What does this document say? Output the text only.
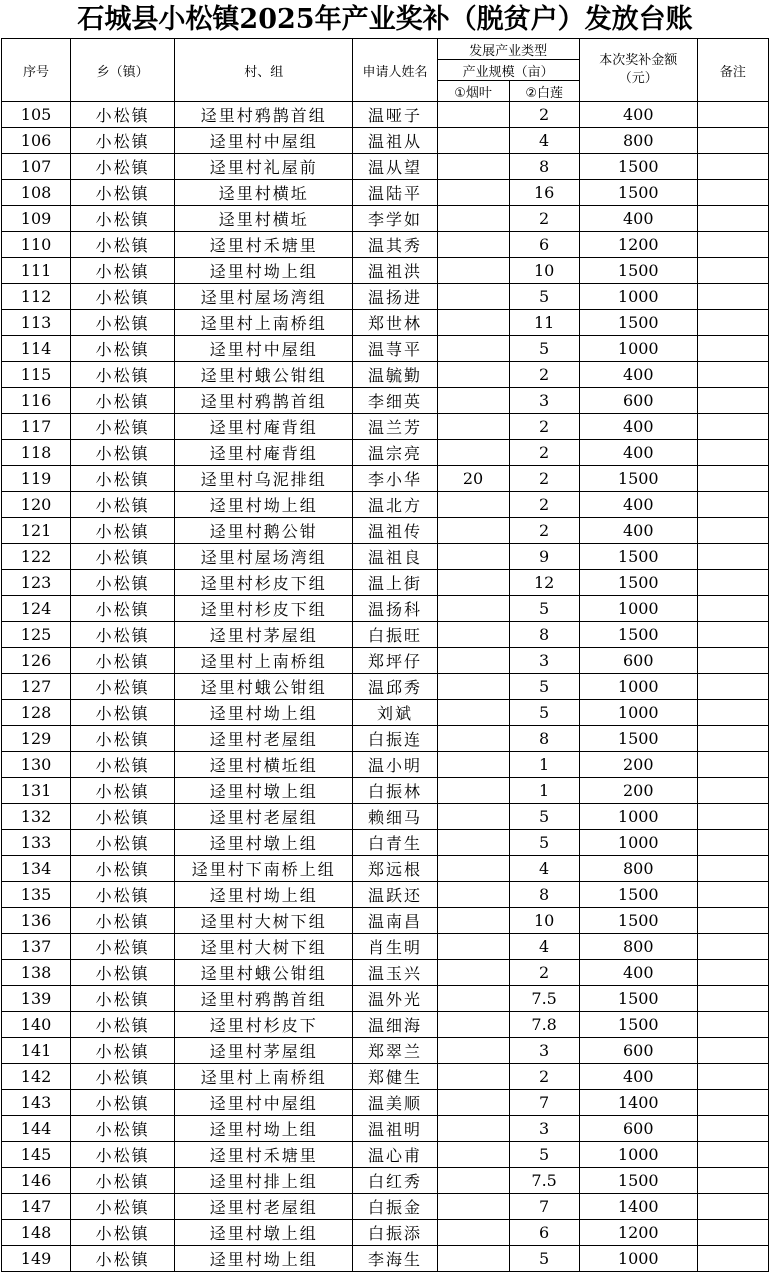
石城县小松镇2025年产业奖补（脱贫户）发放台账
序号	乡（镇）	村、组	申请人姓名	发展产业类型		本次奖补金额（元）	备注
				产业规模（亩）			
				①烟叶	②白莲		
105	小松镇	迳里村鸦鹊首组	温哑子		2	400	
106	小松镇	迳里村中屋组	温祖从		4	800	
107	小松镇	迳里村礼屋前	温从望		8	1500	
108	小松镇	迳里村横坵	温陆平		16	1500	
109	小松镇	迳里村横坵	李学如		2	400	
110	小松镇	迳里村禾塘里	温其秀		6	1200	
111	小松镇	迳里村坳上组	温祖洪		10	1500	
112	小松镇	迳里村屋场湾组	温扬进		5	1000	
113	小松镇	迳里村上南桥组	郑世林		11	1500	
114	小松镇	迳里村中屋组	温荨平		5	1000	
115	小松镇	迳里村蛾公钳组	温毓勤		2	400	
116	小松镇	迳里村鸦鹊首组	李细英		3	600	
117	小松镇	迳里村庵背组	温兰芳		2	400	
118	小松镇	迳里村庵背组	温宗亮		2	400	
119	小松镇	迳里村乌泥排组	李小华	20	2	1500	
120	小松镇	迳里村坳上组	温北方		2	400	
121	小松镇	迳里村鹅公钳	温祖传		2	400	
122	小松镇	迳里村屋场湾组	温祖良		9	1500	
123	小松镇	迳里村杉皮下组	温上街		12	1500	
124	小松镇	迳里村杉皮下组	温扬科		5	1000	
125	小松镇	迳里村茅屋组	白振旺		8	1500	
126	小松镇	迳里村上南桥组	郑坪仔		3	600	
127	小松镇	迳里村蛾公钳组	温邱秀		5	1000	
128	小松镇	迳里村坳上组	刘斌		5	1000	
129	小松镇	迳里村老屋组	白振连		8	1500	
130	小松镇	迳里村横坵组	温小明		1	200	
131	小松镇	迳里村墩上组	白振林		1	200	
132	小松镇	迳里村老屋组	赖细马		5	1000	
133	小松镇	迳里村墩上组	白青生		5	1000	
134	小松镇	迳里村下南桥上组	郑远根		4	800	
135	小松镇	迳里村坳上组	温跃还		8	1500	
136	小松镇	迳里村大树下组	温南昌		10	1500	
137	小松镇	迳里村大树下组	肖生明		4	800	
138	小松镇	迳里村蛾公钳组	温玉兴		2	400	
139	小松镇	迳里村鸦鹊首组	温外光		7.5	1500	
140	小松镇	迳里村杉皮下	温细海		7.8	1500	
141	小松镇	迳里村茅屋组	郑翠兰		3	600	
142	小松镇	迳里村上南桥组	郑健生		2	400	
143	小松镇	迳里村中屋组	温美顺		7	1400	
144	小松镇	迳里村坳上组	温祖明		3	600	
145	小松镇	迳里村禾塘里	温心甫		5	1000	
146	小松镇	迳里村排上组	白红秀		7.5	1500	
147	小松镇	迳里村老屋组	白振金		7	1400	
148	小松镇	迳里村墩上组	白振添		6	1200	
149	小松镇	迳里村坳上组	李海生		5	1000	
